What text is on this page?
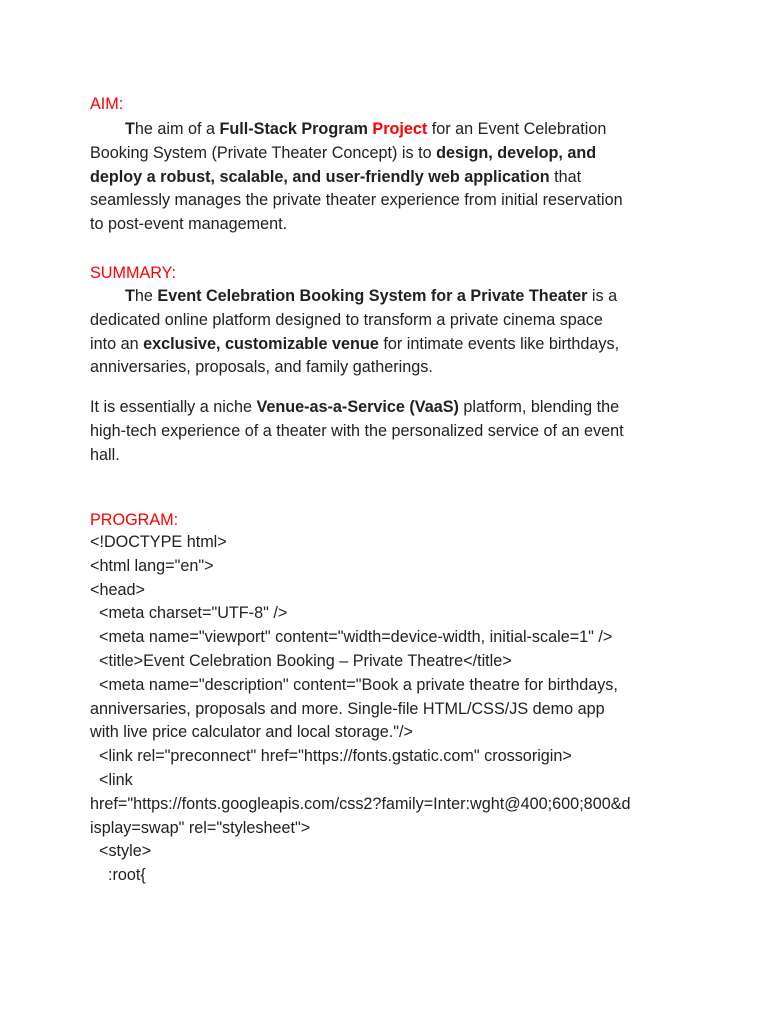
AIM:
The aim of a Full-Stack Program Project for an Event Celebration
Booking System (Private Theater Concept) is to design, develop, and
deploy a robust, scalable, and user-friendly web application that
seamlessly manages the private theater experience from initial reservation
to post-event management.
SUMMARY:
The Event Celebration Booking System for a Private Theater is a
dedicated online platform designed to transform a private cinema space
into an exclusive, customizable venue for intimate events like birthdays,
anniversaries, proposals, and family gatherings.
It is essentially a niche Venue-as-a-Service (VaaS) platform, blending the
high-tech experience of a theater with the personalized service of an event
hall.
PROGRAM:
<!DOCTYPE html>
<html lang="en">
<head>
<meta charset="UTF-8" />
<meta name="viewport" content="width=device-width, initial-scale=1" />
<title>Event Celebration Booking – Private Theatre</title>
<meta name="description" content="Book a private theatre for birthdays,
anniversaries, proposals and more. Single-file HTML/CSS/JS demo app
with live price calculator and local storage."/>
<link rel="preconnect" href="https://fonts.gstatic.com" crossorigin>
<link
href="https://fonts.googleapis.com/css2?family=Inter:wght@400;600;800&d
isplay=swap" rel="stylesheet">
<style>
:root{
